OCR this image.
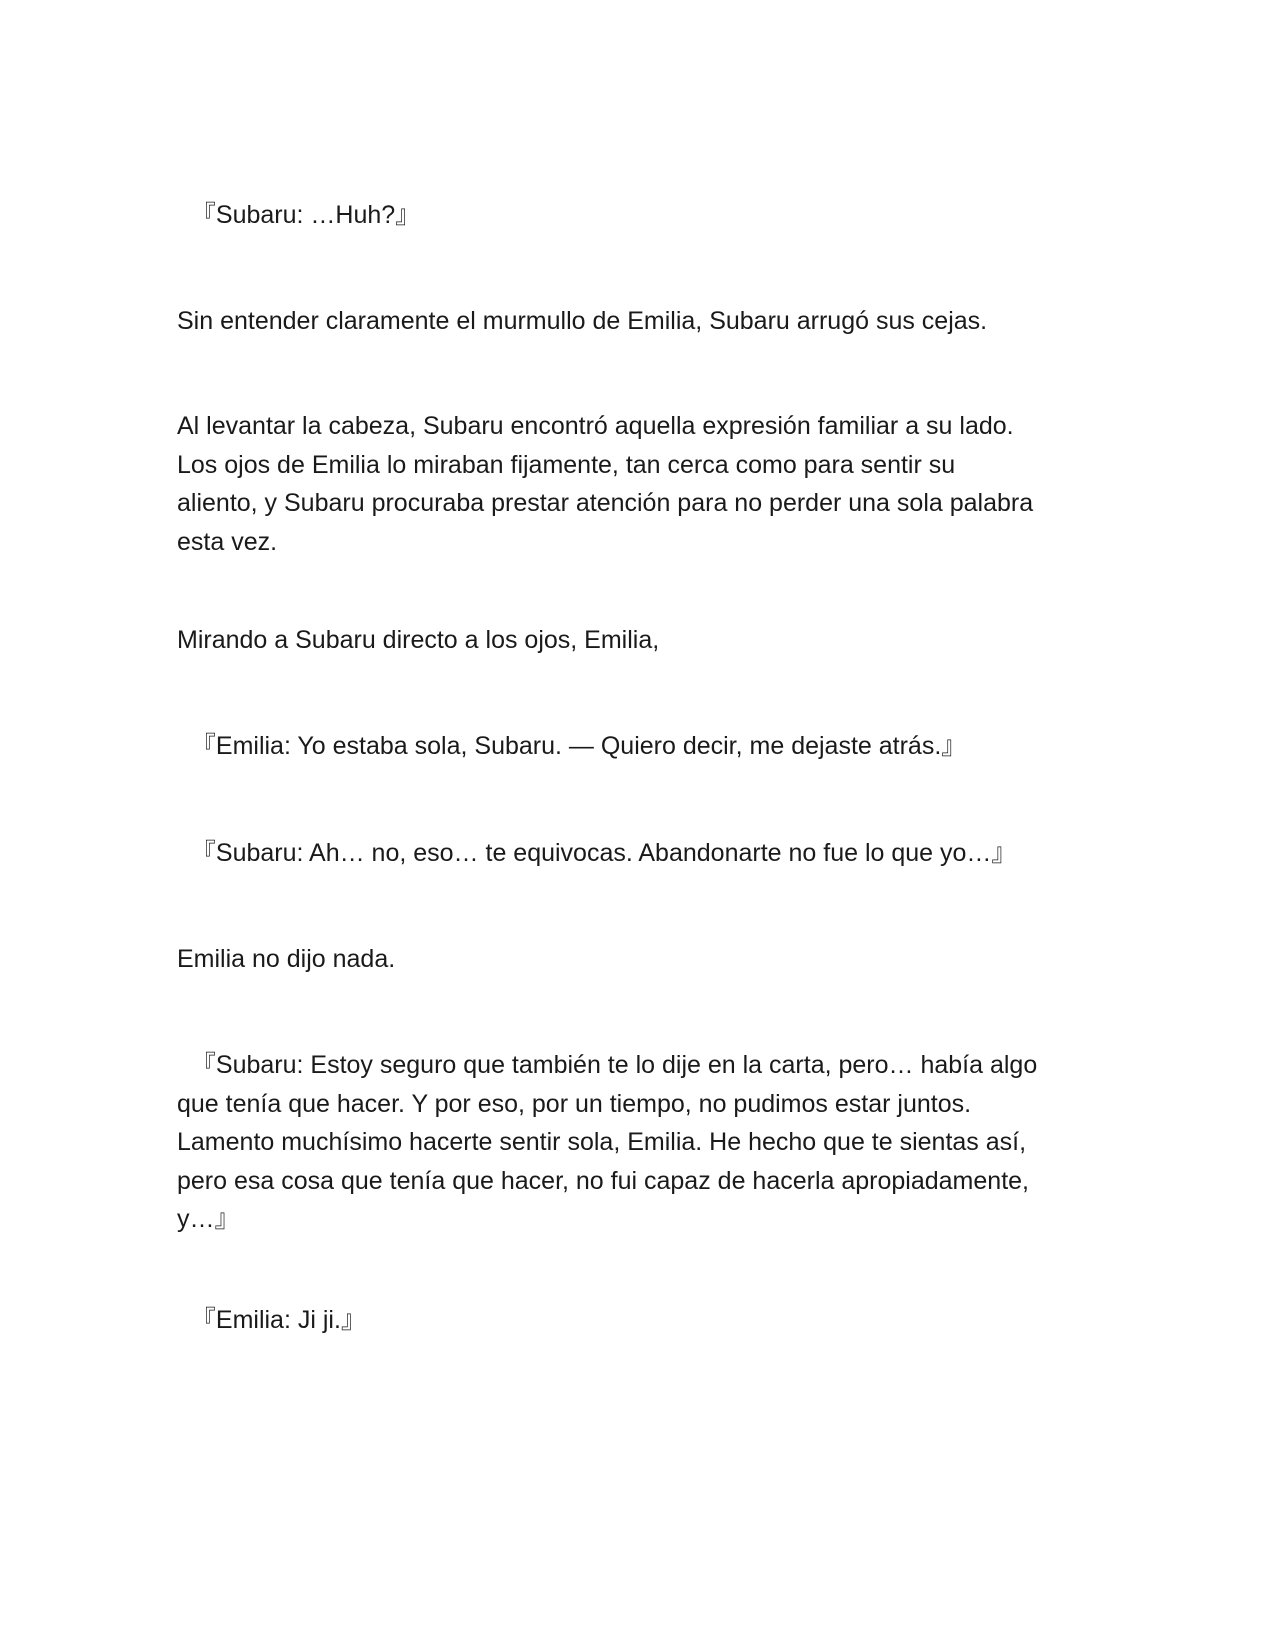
『Subaru: …Huh?』

Sin entender claramente el murmullo de Emilia, Subaru arrugó sus cejas.

Al levantar la cabeza, Subaru encontró aquella expresión familiar a su lado.
Los ojos de Emilia lo miraban fijamente, tan cerca como para sentir su
aliento, y Subaru procuraba prestar atención para no perder una sola palabra
esta vez.

Mirando a Subaru directo a los ojos, Emilia,

『Emilia: Yo estaba sola, Subaru. — Quiero decir, me dejaste atrás.』

『Subaru: Ah… no, eso… te equivocas. Abandonarte no fue lo que yo…』

Emilia no dijo nada.

『Subaru: Estoy seguro que también te lo dije en la carta, pero… había algo
que tenía que hacer. Y por eso, por un tiempo, no pudimos estar juntos.
Lamento muchísimo hacerte sentir sola, Emilia. He hecho que te sientas así,
pero esa cosa que tenía que hacer, no fui capaz de hacerla apropiadamente,
y…』

『Emilia: Ji ji.』
